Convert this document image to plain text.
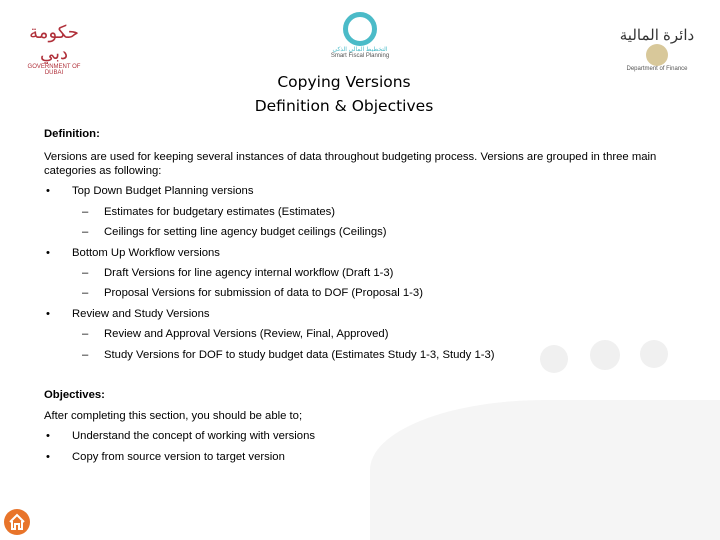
حكومة دبي
GOVERNMENT OF DUBAI
التخطيط المالي الذكي
Smart Fiscal Planning
دائرة المالية
Department of Finance
Copying Versions
Definition & Objectives
Definition:
Versions are used for keeping several instances of data throughout budgeting process. Versions are grouped in three main
categories as following:
• Top Down Budget Planning versions
– Estimates for budgetary estimates (Estimates)
– Ceilings for setting line agency budget ceilings (Ceilings)
• Bottom Up Workflow versions
– Draft Versions for line agency internal workflow (Draft 1-3)
– Proposal Versions for submission of data to DOF (Proposal 1-3)
• Review and Study Versions
– Review and Approval Versions (Review, Final, Approved)
– Study Versions for DOF to study budget data (Estimates Study 1-3, Study 1-3)
Objectives:
After completing this section, you should be able to;
• Understand the concept of working with versions
• Copy from source version to target version
